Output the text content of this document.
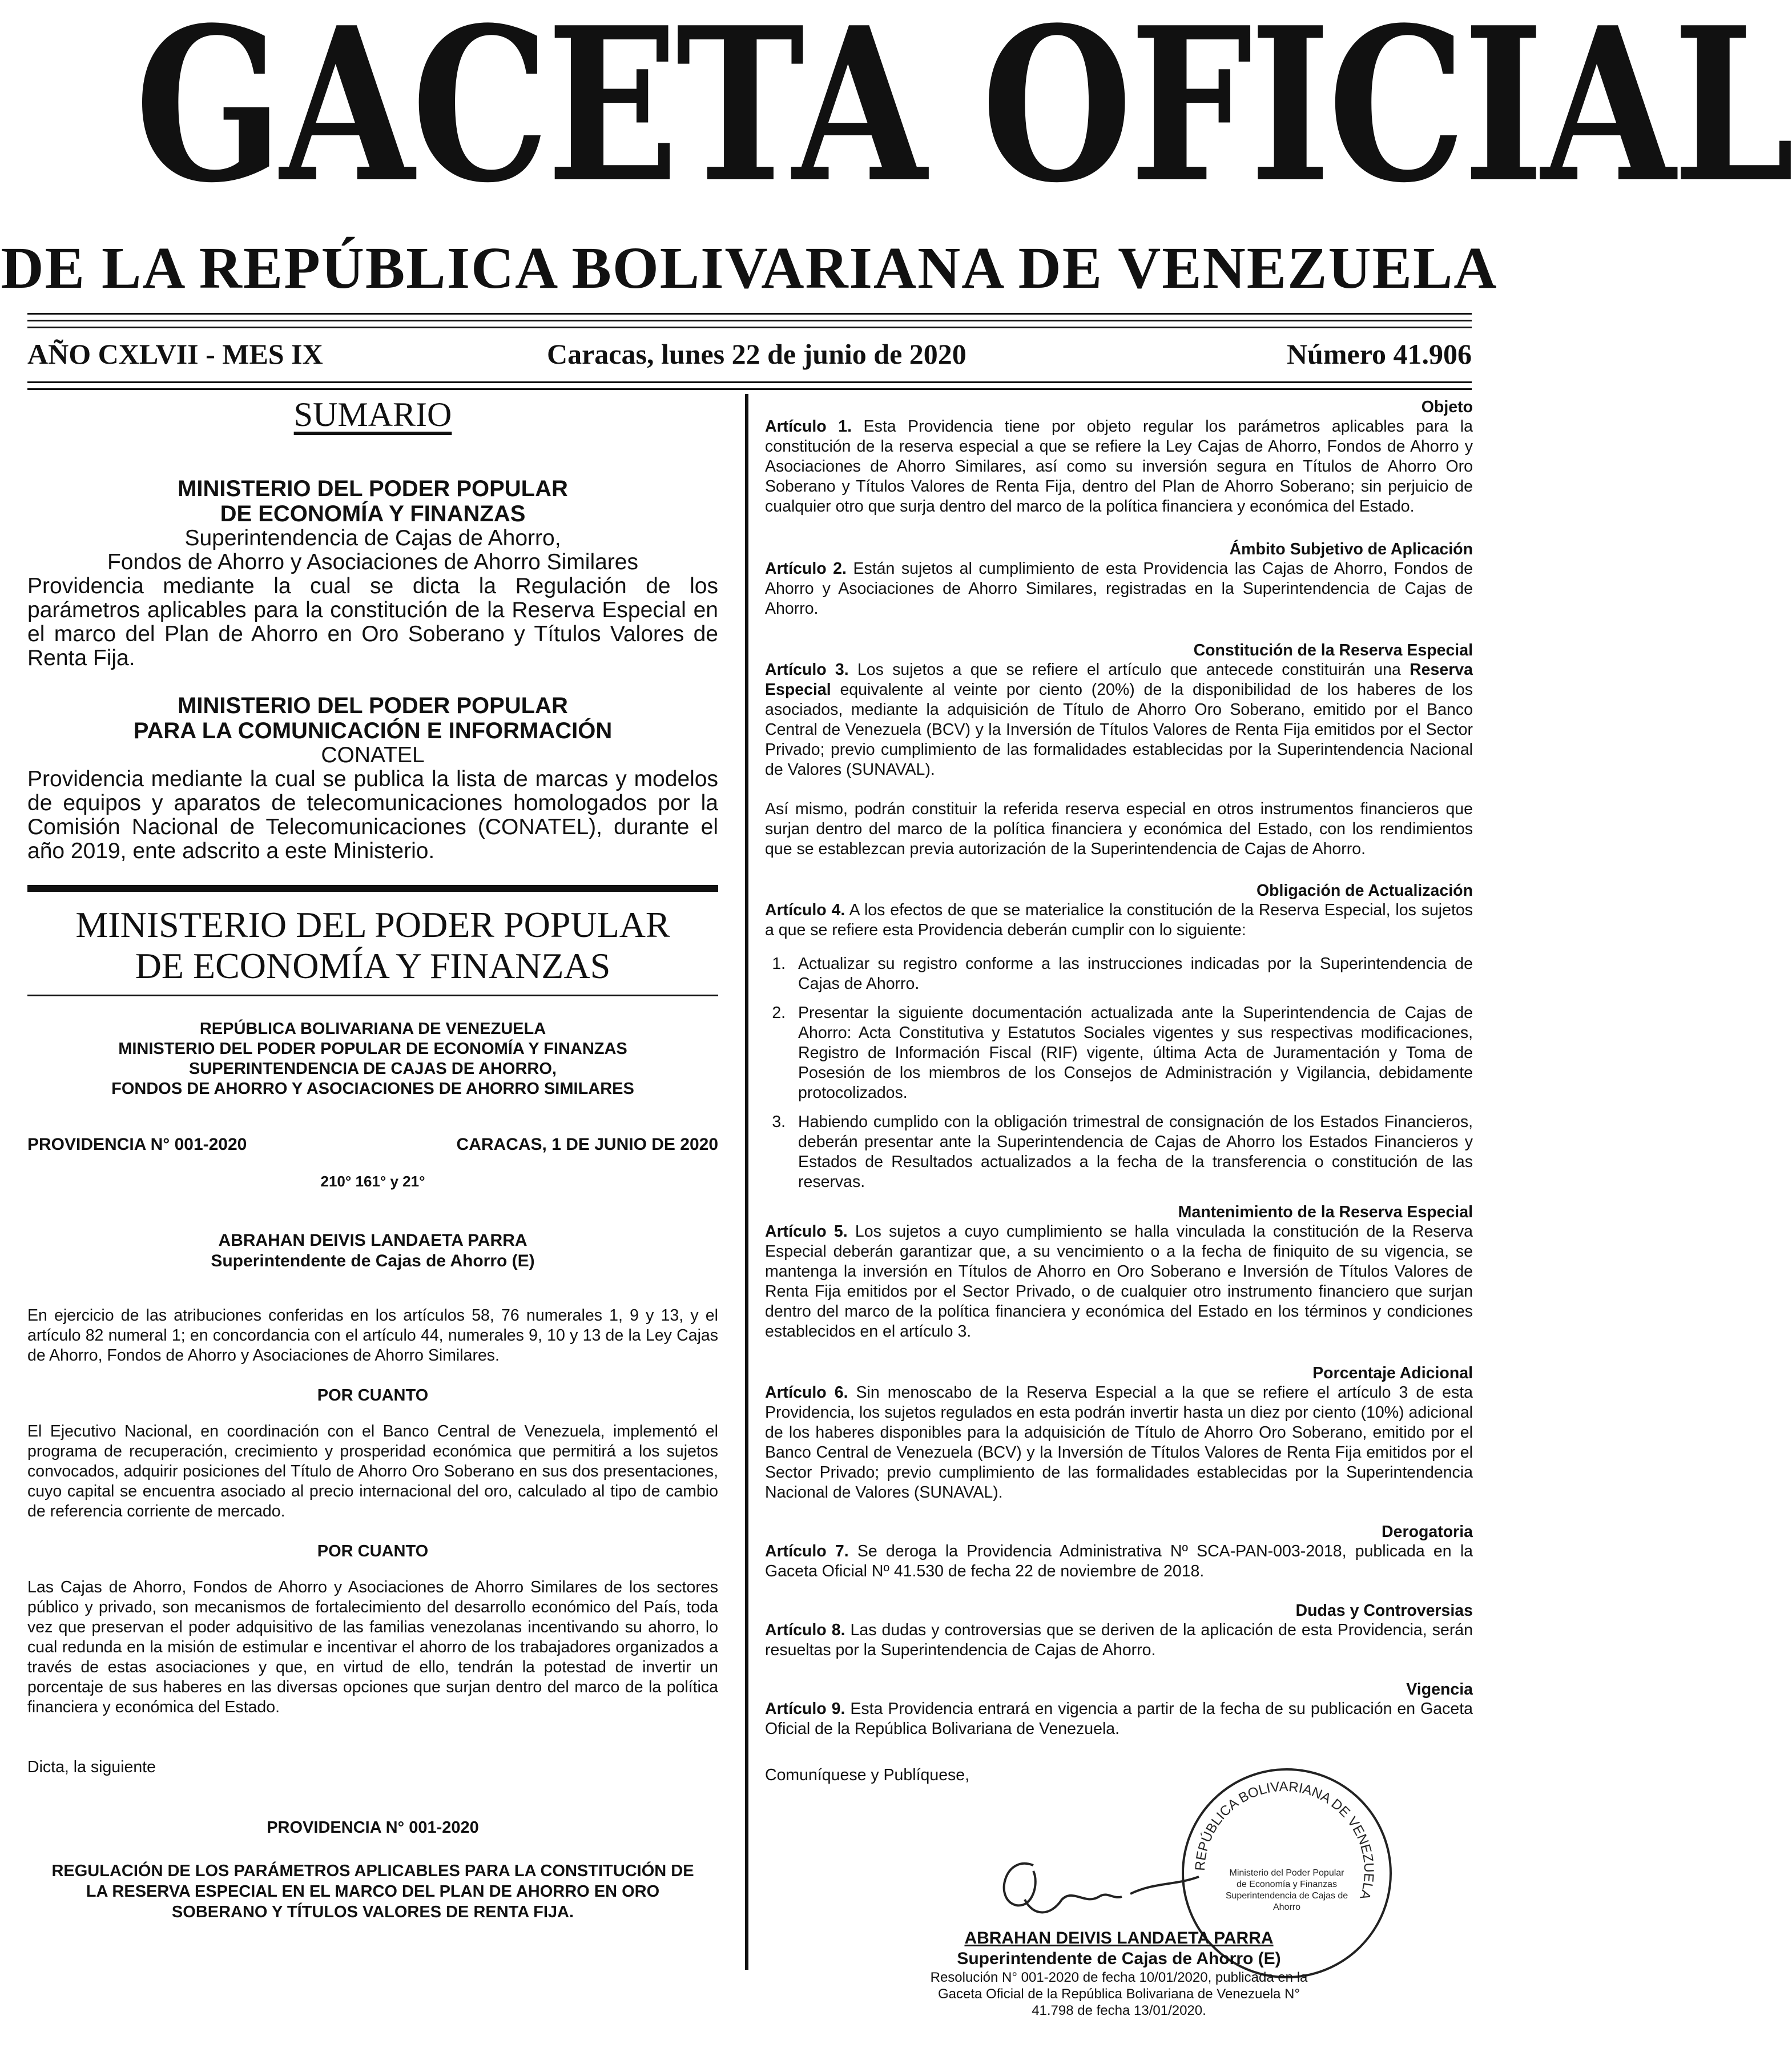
GACETA OFICIAL
DE LA REPÚBLICA BOLIVARIANA DE VENEZUELA
AÑO CXLVII - MES IX	Caracas, lunes 22 de junio de 2020	Número 41.906
SUMARIO
MINISTERIO DEL PODER POPULAR
DE ECONOMÍA Y FINANZAS

Superintendencia de Cajas de Ahorro,

Fondos de Ahorro y Asociaciones de Ahorro Similares

Providencia mediante la cual se dicta la Regulación de los parámetros aplicables para la constitución de la Reserva Especial en el marco del Plan de Ahorro en Oro Soberano y Títulos Valores de Renta Fija.

MINISTERIO DEL PODER POPULAR
PARA LA COMUNICACIÓN E INFORMACIÓN

CONATEL

Providencia mediante la cual se publica la lista de marcas y modelos de equipos y aparatos de telecomunicaciones homologados por la Comisión Nacional de Telecomunicaciones (CONATEL), durante el año 2019, ente adscrito a este Ministerio.

MINISTERIO DEL PODER POPULAR
DE ECONOMÍA Y FINANZAS
REPÚBLICA BOLIVARIANA DE VENEZUELA
MINISTERIO DEL PODER POPULAR DE ECONOMÍA Y FINANZAS
SUPERINTENDENCIA DE CAJAS DE AHORRO,
FONDOS DE AHORRO Y ASOCIACIONES DE AHORRO SIMILARES
PROVIDENCIA N° 001-2020	CARACAS, 1 DE JUNIO DE 2020
210° 161° y 21°
ABRAHAN DEIVIS LANDAETA PARRA
Superintendente de Cajas de Ahorro (E)

En ejercicio de las atribuciones conferidas en los artículos 58, 76 numerales 1, 9 y 13, y el artículo 82 numeral 1; en concordancia con el artículo 44, numerales 9, 10 y 13 de la Ley Cajas de Ahorro, Fondos de Ahorro y Asociaciones de Ahorro Similares.

POR CUANTO

El Ejecutivo Nacional, en coordinación con el Banco Central de Venezuela, implementó el programa de recuperación, crecimiento y prosperidad económica que permitirá a los sujetos convocados, adquirir posiciones del Título de Ahorro Oro Soberano en sus dos presentaciones, cuyo capital se encuentra asociado al precio internacional del oro, calculado al tipo de cambio de referencia corriente de mercado.

POR CUANTO

Las Cajas de Ahorro, Fondos de Ahorro y Asociaciones de Ahorro Similares de los sectores público y privado, son mecanismos de fortalecimiento del desarrollo económico del País, toda vez que preservan el poder adquisitivo de las familias venezolanas incentivando su ahorro, lo cual redunda en la misión de estimular e incentivar el ahorro de los trabajadores organizados a través de estas asociaciones y que, en virtud de ello, tendrán la potestad de invertir un porcentaje de sus haberes en las diversas opciones que surjan dentro del marco de la política financiera y económica del Estado.

Dicta, la siguiente

PROVIDENCIA N° 001-2020
REGULACIÓN DE LOS PARÁMETROS APLICABLES PARA LA CONSTITUCIÓN DE LA RESERVA ESPECIAL EN EL MARCO DEL PLAN DE AHORRO EN ORO SOBERANO Y TÍTULOS VALORES DE RENTA FIJA.
Objeto

Artículo 1. Esta Providencia tiene por objeto regular los parámetros aplicables para la constitución de la reserva especial a que se refiere la Ley Cajas de Ahorro, Fondos de Ahorro y Asociaciones de Ahorro Similares, así como su inversión segura en Títulos de Ahorro Oro Soberano y Títulos Valores de Renta Fija, dentro del Plan de Ahorro Soberano; sin perjuicio de cualquier otro que surja dentro del marco de la política financiera y económica del Estado.

Ámbito Subjetivo de Aplicación

Artículo 2. Están sujetos al cumplimiento de esta Providencia las Cajas de Ahorro, Fondos de Ahorro y Asociaciones de Ahorro Similares, registradas en la Superintendencia de Cajas de Ahorro.

Constitución de la Reserva Especial

Artículo 3. Los sujetos a que se refiere el artículo que antecede constituirán una Reserva Especial equivalente al veinte por ciento (20%) de la disponibilidad de los haberes de los asociados, mediante la adquisición de Título de Ahorro Oro Soberano, emitido por el Banco Central de Venezuela (BCV) y la Inversión de Títulos Valores de Renta Fija emitidos por el Sector Privado; previo cumplimiento de las formalidades establecidas por la Superintendencia Nacional de Valores (SUNAVAL).

Así mismo, podrán constituir la referida reserva especial en otros instrumentos financieros que surjan dentro del marco de la política financiera y económica del Estado, con los rendimientos que se establezcan previa autorización de la Superintendencia de Cajas de Ahorro.

Obligación de Actualización

Artículo 4. A los efectos de que se materialice la constitución de la Reserva Especial, los sujetos a que se refiere esta Providencia deberán cumplir con lo siguiente:

1. Actualizar su registro conforme a las instrucciones indicadas por la Superintendencia de Cajas de Ahorro.
2. Presentar la siguiente documentación actualizada ante la Superintendencia de Cajas de Ahorro: Acta Constitutiva y Estatutos Sociales vigentes y sus respectivas modificaciones, Registro de Información Fiscal (RIF) vigente, última Acta de Juramentación y Toma de Posesión de los miembros de los Consejos de Administración y Vigilancia, debidamente protocolizados.
3. Habiendo cumplido con la obligación trimestral de consignación de los Estados Financieros, deberán presentar ante la Superintendencia de Cajas de Ahorro los Estados Financieros y Estados de Resultados actualizados a la fecha de la transferencia o constitución de las reservas.
Mantenimiento de la Reserva Especial

Artículo 5. Los sujetos a cuyo cumplimiento se halla vinculada la constitución de la Reserva Especial deberán garantizar que, a su vencimiento o a la fecha de finiquito de su vigencia, se mantenga la inversión en Títulos de Ahorro en Oro Soberano e Inversión de Títulos Valores de Renta Fija emitidos por el Sector Privado, o de cualquier otro instrumento financiero que surjan dentro del marco de la política financiera y económica del Estado en los términos y condiciones establecidos en el artículo 3.

Porcentaje Adicional

Artículo 6. Sin menoscabo de la Reserva Especial a la que se refiere el artículo 3 de esta Providencia, los sujetos regulados en esta podrán invertir hasta un diez por ciento (10%) adicional de los haberes disponibles para la adquisición de Título de Ahorro Oro Soberano, emitido por el Banco Central de Venezuela (BCV) y la Inversión de Títulos Valores de Renta Fija emitidos por el Sector Privado; previo cumplimiento de las formalidades establecidas por la Superintendencia Nacional de Valores (SUNAVAL).

Derogatoria

Artículo 7. Se deroga la Providencia Administrativa Nº SCA-PAN-003-2018, publicada en la Gaceta Oficial Nº 41.530 de fecha 22 de noviembre de 2018.

Dudas y Controversias

Artículo 8. Las dudas y controversias que se deriven de la aplicación de esta Providencia, serán resueltas por la Superintendencia de Cajas de Ahorro.

Vigencia

Artículo 9. Esta Providencia entrará en vigencia a partir de la fecha de su publicación en Gaceta Oficial de la República Bolivariana de Venezuela.

Comuníquese y Publíquese,

REPÚBLICA BOLIVARIANA DE VENEZUELA
Ministerio del Poder Popular de Economía y Finanzas Superintendencia de Cajas de Ahorro
ABRAHAN DEIVIS LANDAETA PARRA
Superintendente de Cajas de Ahorro (E)
Resolución N° 001-2020 de fecha 10/01/2020, publicada en la Gaceta Oficial de la República Bolivariana de Venezuela N° 41.798 de fecha 13/01/2020.
